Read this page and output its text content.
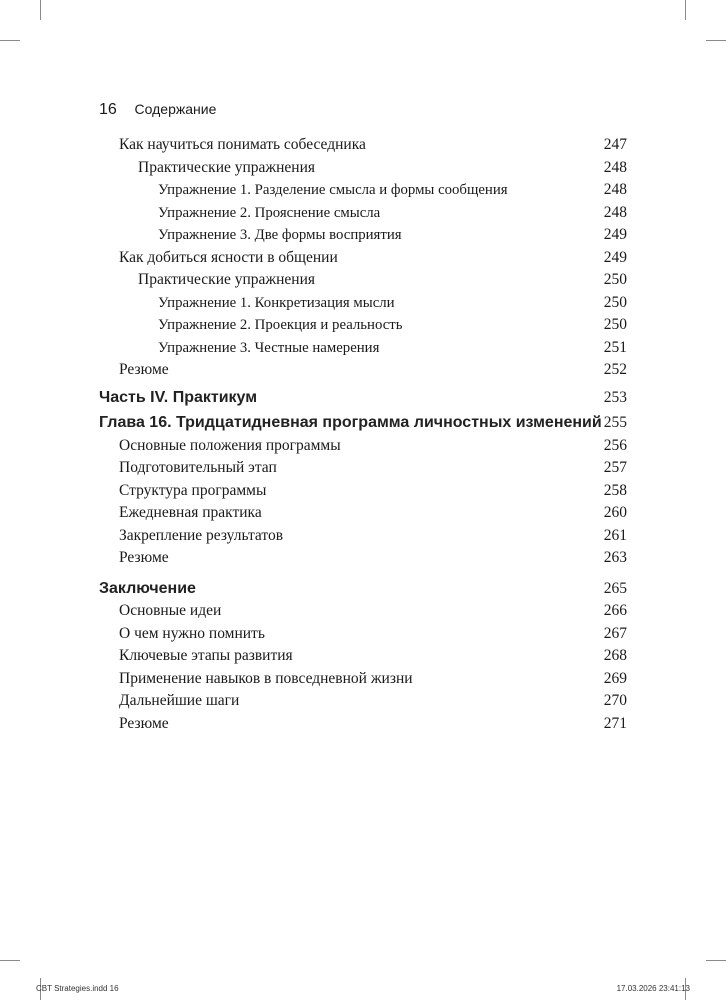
16 Содержание
Как научиться понимать собеседника	247
Практические упражнения	248
Упражнение 1. Разделение смысла и формы сообщения	248
Упражнение 2. Прояснение смысла	248
Упражнение 3. Две формы восприятия	249
Как добиться ясности в общении	249
Практические упражнения	250
Упражнение 1. Конкретизация мысли	250
Упражнение 2. Проекция и реальность	250
Упражнение 3. Честные намерения	251
Резюме	252
Часть IV. Практикум	253
Глава 16. Тридцатидневная программа личностных изменений 255
Основные положения программы	256
Подготовительный этап	257
Структура программы	258
Ежедневная практика	260
Закрепление результатов	261
Резюме	263
Заключение	265
Основные идеи	266
О чем нужно помнить	267
Ключевые этапы развития	268
Применение навыков в повседневной жизни	269
Дальнейшие шаги	270
Резюме	271
CBT Strategies.indd 16	17.03.2026 23:41:13
